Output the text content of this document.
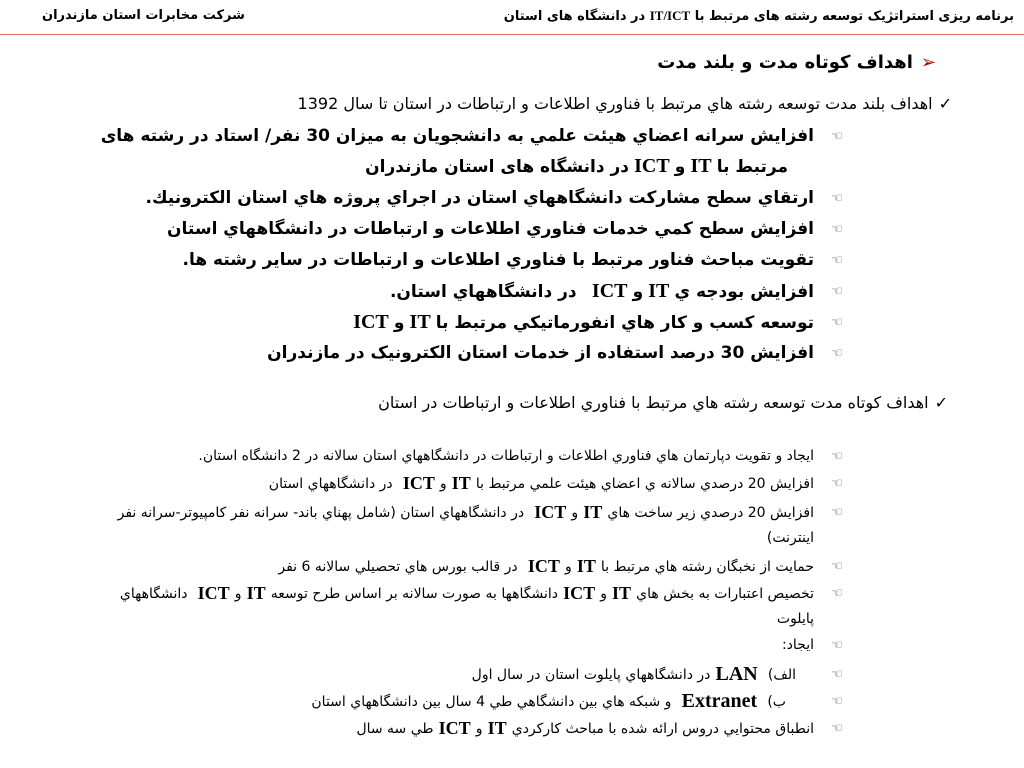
برنامه ریزی استراتژیک توسعه رشته های مرتبط با IT/ICT در دانشگاه های استان
شرکت مخابرات استان مازندران
➢
اهداف کوتاه مدت و بلند مدت
✓
اهداف بلند مدت توسعه رشته هاي مرتبط با فناوري اطلاعات و ارتباطات در استان تا سال 1392
☜
افزايش سرانه اعضاي هيئت علمي به دانشجويان به ميزان 30 نفر/ استاد در رشته های
مرتبط با

IT

و

ICT

در دانشگاه های استان مازندران
☜
ارتقاي سطح مشاركت دانشگاههاي استان در اجراي پروژه هاي استان الكترونيك.
☜
افزايش سطح كمي خدمات فناوري اطلاعات و ارتباطات در دانشگاههاي استان
☜
تقويت مباحث فناور مرتبط با فناوري اطلاعات و ارتباطات در ساير رشته ها.
☜
افزايش بودجه ي

IT

و

ICT

در دانشگاههاي استان.
☜
توسعه كسب و كار هاي انفورماتيكي مرتبط با

IT

و

ICT
☜
افزايش 30 درصد استفاده از خدمات استان الكترونيک در مازندران
✓
اهداف كوتاه مدت توسعه رشته هاي مرتبط با فناوري اطلاعات و ارتباطات در استان
☜
ايجاد و تقويت دپارتمان هاي فناوري اطلاعات و ارتباطات در دانشگاههاي استان سالانه در 2 دانشگاه استان.
☜
افزايش 20 درصدي سالانه ي اعضاي هيئت علمي مرتبط با

IT

و

ICT

در دانشگاههاي استان
☜
افزايش 20 درصدي زير ساخت هاي

IT

و

ICT

در دانشگاههاي استان (شامل پهناي باند- سرانه نفر كامپيوتر-سرانه نفر
اينترنت)
☜
حمايت از نخبگان رشته هاي مرتبط با

IT

و

ICT

در قالب بورس هاي تحصيلي سالانه 6 نفر
☜
تخصيص اعتبارات به بخش هاي

IT

و

ICT

دانشگاهها به صورت سالانه بر اساس طرح توسعه

IT

و

ICT

دانشگاههاي
پايلوت
☜
ايجاد:
☜
الف)

LAN

در دانشگاههاي پايلوت استان در سال اول
☜
ب)

Extranet

و شبكه هاي بين دانشگاهي طي 4 سال بين دانشگاههاي استان
☜
انطباق محتوايي دروس ارائه شده با مباحث كاركردي

IT

و

ICT

طي سه سال
